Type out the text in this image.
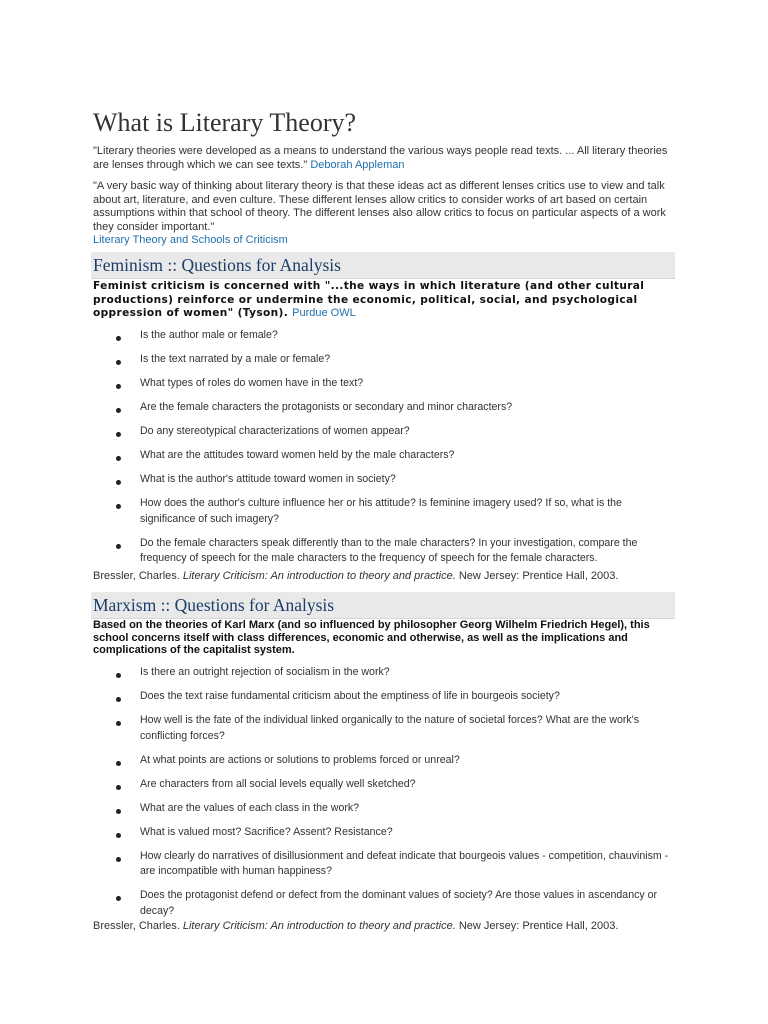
What is Literary Theory?

"Literary theories were developed as a means to understand the various ways people read texts. ... All literary theories are lenses through which we can see texts." Deborah Appleman

"A very basic way of thinking about literary theory is that these ideas act as different lenses critics use to view and talk about art, literature, and even culture. These different lenses allow critics to consider works of art based on certain assumptions within that school of theory. The different lenses also allow critics to focus on particular aspects of a work they consider important."
Literary Theory and Schools of Criticism

Feminism :: Questions for Analysis

Feminist criticism is concerned with "...the ways in which literature (and other cultural productions) reinforce or undermine the economic, political, social, and psychological oppression of women" (Tyson). Purdue OWL

Is the author male or female?
Is the text narrated by a male or female?
What types of roles do women have in the text?
Are the female characters the protagonists or secondary and minor characters?
Do any stereotypical characterizations of women appear?
What are the attitudes toward women held by the male characters?
What is the author's attitude toward women in society?
How does the author's culture influence her or his attitude? Is feminine imagery used? If so, what is the significance of such imagery?
Do the female characters speak differently than to the male characters? In your investigation, compare the frequency of speech for the male characters to the frequency of speech for the female characters.
Bressler, Charles. Literary Criticism: An introduction to theory and practice. New Jersey: Prentice Hall, 2003.
Marxism :: Questions for Analysis

Based on the theories of Karl Marx (and so influenced by philosopher Georg Wilhelm Friedrich Hegel), this school concerns itself with class differences, economic and otherwise, as well as the implications and complications of the capitalist system.

Is there an outright rejection of socialism in the work?
Does the text raise fundamental criticism about the emptiness of life in bourgeois society?
How well is the fate of the individual linked organically to the nature of societal forces? What are the work's conflicting forces?
At what points are actions or solutions to problems forced or unreal?
Are characters from all social levels equally well sketched?
What are the values of each class in the work?
What is valued most? Sacrifice? Assent? Resistance?
How clearly do narratives of disillusionment and defeat indicate that bourgeois values - competition, chauvinism - are incompatible with human happiness?
Does the protagonist defend or defect from the dominant values of society? Are those values in ascendancy or decay?
Bressler, Charles. Literary Criticism: An introduction to theory and practice. New Jersey: Prentice Hall, 2003.
